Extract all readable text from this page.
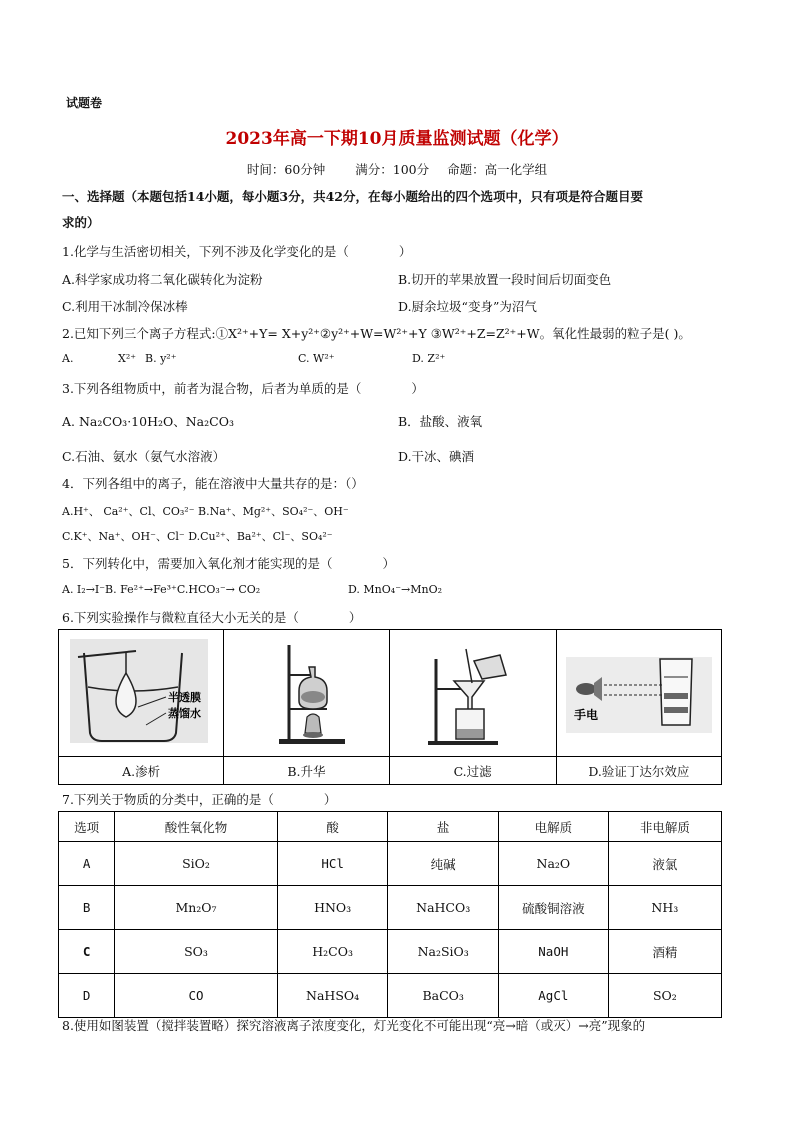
试题卷
2023年高一下期10月质量监测试题（化学）
时间：60分钟 满分：100分 命题：高一化学组
一、选择题（本题包括14小题，每小题3分，共42分，在每小题给出的四个选项中，只有项是符合题目要
求的）
1.化学与生活密切相关，下列不涉及化学变化的是（　　　　）
A.科学家成功将二氧化碳转化为淀粉	B.切开的苹果放置一段时间后切面变色
C.利用干冰制冷保冰棒	D.厨余垃圾“变身”为沼气
2.已知下列三个离子方程式:①X²⁺+Y= X+y²⁺②y²⁺+W=W²⁺+Y ③W²⁺+Z=Z²⁺+W。氧化性最弱的粒子是( )。
A.	X²⁺ B. y²⁺	C. W²⁺	D. Z²⁺
3.下列各组物质中，前者为混合物，后者为单质的是（　　　　）
A. Na₂CO₃·10H₂O、Na₂CO₃	B．盐酸、液氧
C.石油、氨水（氨气水溶液）	D.干冰、碘酒
4．下列各组中的离子，能在溶液中大量共存的是：（）
A.H⁺、 Ca²⁺、Cl、CO₃²⁻ B.Na⁺、Mg²⁺、SO₄²⁻、OH⁻
C.K⁺、Na⁺、OH⁻、Cl⁻ D.Cu²⁺、Ba²⁺、Cl⁻、SO₄²⁻
5．下列转化中，需要加入氧化剂才能实现的是（　　　　）
A. I₂→I⁻B. Fe²⁺→Fe³⁺C.HCO₃⁻→ CO₂	D. MnO₄⁻→MnO₂
6.下列实验操作与微粒直径大小无关的是（　　　　）
半透膜
蒸馏水			手电

A.渗析	B.升华	C.过滤	D.验证丁达尔效应
7.下列关于物质的分类中，正确的是（　　　　）
选项	酸性氧化物	酸	盐	电解质	非电解质
A	SiO₂	HCl	纯碱	Na₂O	液氯
B	Mn₂O₇	HNO₃	NaHCO₃	硫酸铜溶液	NH₃
C	SO₃	H₂CO₃	Na₂SiO₃	NaOH	酒精
D	CO	NaHSO₄	BaCO₃	AgCl	SO₂
8.使用如图装置（搅拌装置略）探究溶液离子浓度变化，灯光变化不可能出现“亮→暗（或灭）→亮”现象的
